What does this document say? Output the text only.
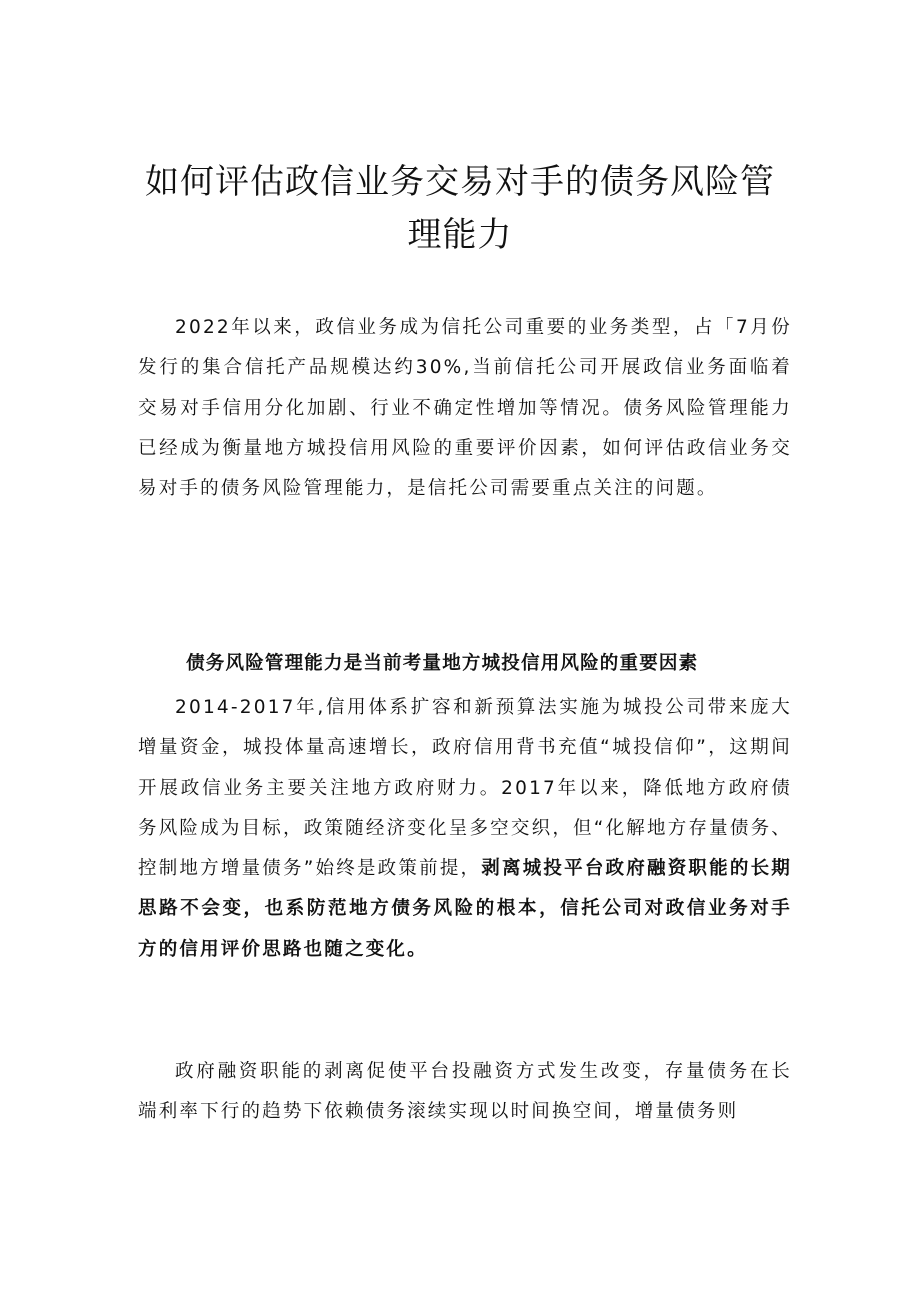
如何评估政信业务交易对手的债务风险管理能力

2022年以来，政信业务成为信托公司重要的业务类型，占「7月份发行的集合信托产品规模达约30%,当前信托公司开展政信业务面临着交易对手信用分化加剧、行业不确定性增加等情况。债务风险管理能力已经成为衡量地方城投信用风险的重要评价因素，如何评估政信业务交易对手的债务风险管理能力，是信托公司需要重点关注的问题。

债务风险管理能力是当前考量地方城投信用风险的重要因素

2014-2017年,信用体系扩容和新预算法实施为城投公司带来庞大增量资金，城投体量高速增长，政府信用背书充值“城投信仰”，这期间开展政信业务主要关注地方政府财力。2017年以来，降低地方政府债务风险成为目标，政策随经济变化呈多空交织，但“化解地方存量债务、控制地方增量债务”始终是政策前提，剥离城投平台政府融资职能的长期思路不会变，也系防范地方债务风险的根本，信托公司对政信业务对手方的信用评价思路也随之变化。

政府融资职能的剥离促使平台投融资方式发生改变，存量债务在长端利率下行的趋势下依赖债务滚续实现以时间换空间，增量债务则
